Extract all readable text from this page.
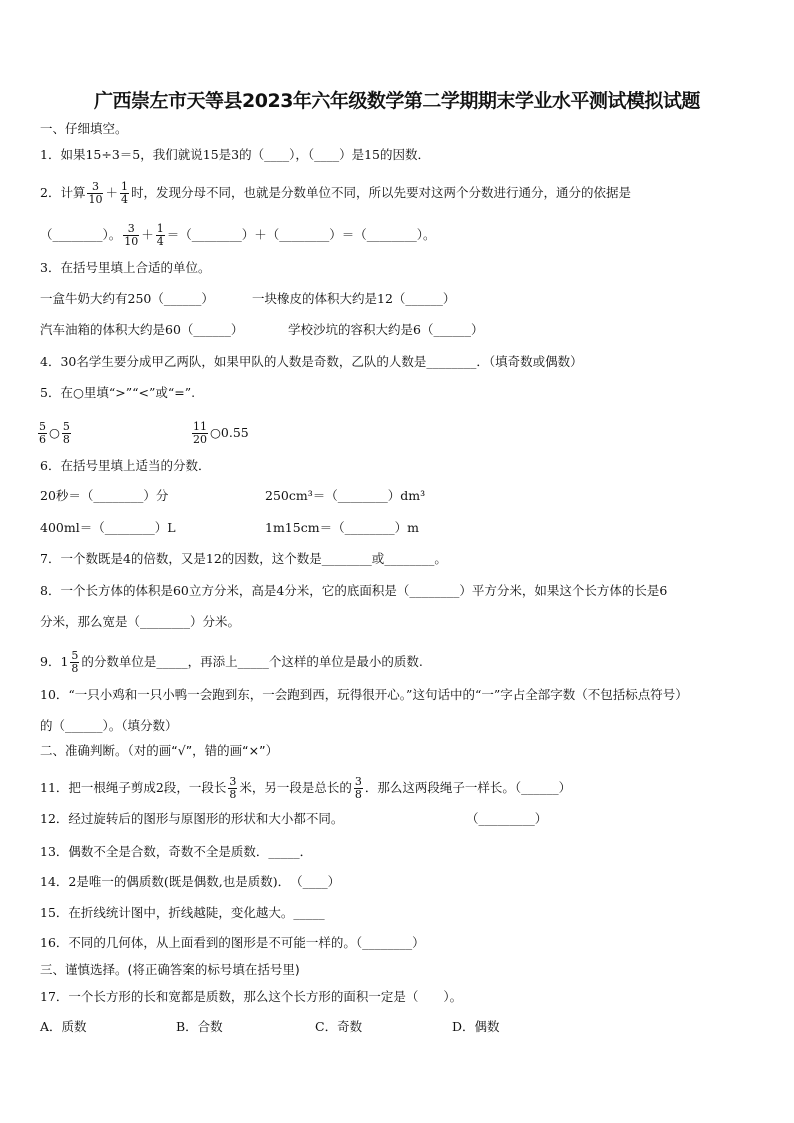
广西崇左市天等县2023年六年级数学第二学期期末学业水平测试模拟试题
一、仔细填空。
1．如果15÷3＝5，我们就说15是3的（____），（____）是15的因数．
2．计算 $\frac{3}{10} + \frac{1}{4}$ 时，发现分母不同，也就是分数单位不同，所以先要对这两个分数进行通分，通分的依据是
（________）。 $\frac{3}{10} + \frac{1}{4}$ ＝（________）＋（________）＝（________）。
3．在括号里填上合适的单位。
一盒牛奶大约有250（______）	一块橡皮的体积大约是12（______）
汽车油箱的体积大约是60（______）	学校沙坑的容积大约是6（______）
4．30名学生要分成甲乙两队，如果甲队的人数是奇数，乙队的人数是________．（填奇数或偶数）
5．在○里填“>”“<”或“=”.
$\frac{5}{6}$ ○ $\frac{5}{8}$	$\frac{11}{20}$ ○0.55
6．在括号里填上适当的分数．
20秒＝（________）分	250cm³＝（________）dm³
400ml＝（________）L	1m15cm＝（________）m
7．一个数既是4的倍数，又是12的因数，这个数是________或________。
8．一个长方体的体积是60立方分米，高是4分米，它的底面积是（________）平方分米，如果这个长方体的长是6
分米，那么宽是（________）分米。
9．$1 \frac{5}{8}$ 的分数单位是_____，再添上_____个这样的单位是最小的质数.
10．“一只小鸡和一只小鸭一会跑到东，一会跑到西，玩得很开心。”这句话中的“一”字占全部字数（不包括标点符号）
的（______）。（填分数）
二、准确判断。（对的画“√”，错的画“×”）
11．把一根绳子剪成2段，一段长 $\frac{3}{8}$ 米，另一段是总长的 $\frac{3}{8}$ ．那么这两段绳子一样长。（______）
12．经过旋转后的图形与原图形的形状和大小都不同。	（_________）
13．偶数不全是合数，奇数不全是质数．_____．
14．2是唯一的偶质数(既是偶数,也是质数)．　（____）
15．在折线统计图中，折线越陡，变化越大。_____
16．不同的几何体，从上面看到的图形是不可能一样的。（________）
三、谨慎选择。(将正确答案的标号填在括号里)
17．一个长方形的长和宽都是质数，那么这个长方形的面积一定是（　　）。
A．质数	B．合数	C．奇数	D．偶数
